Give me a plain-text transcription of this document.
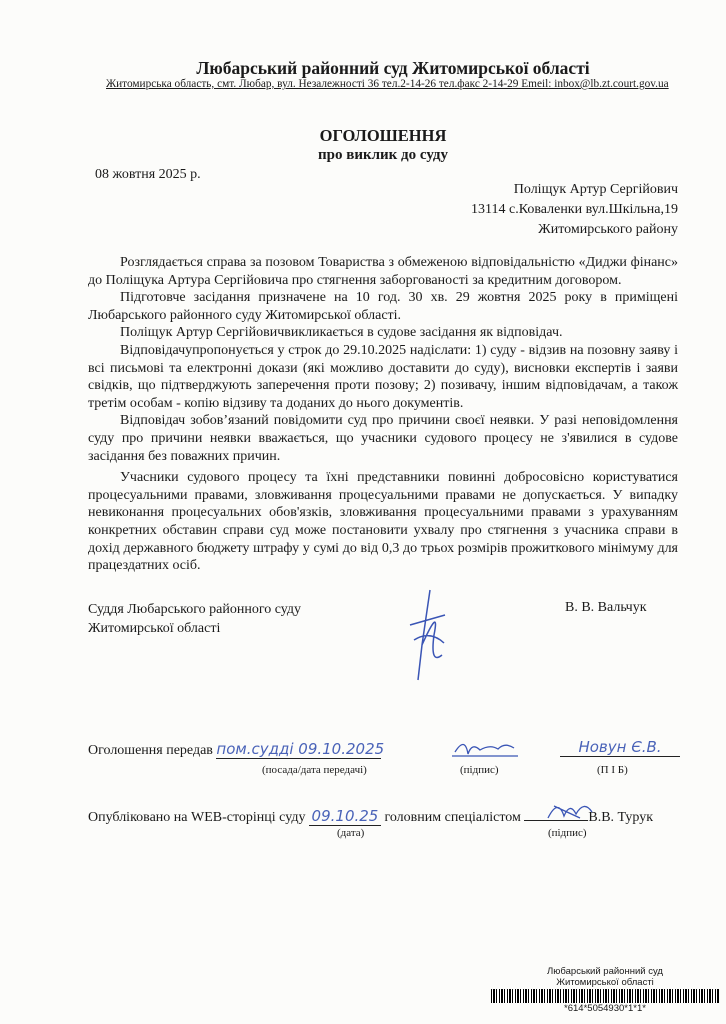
Любарський районний суд Житомирської області
Житомирська область, смт. Любар, вул. Незалежності 36 тел.2-14-26 тел.факс 2-14-29 Emeil: inbox@lb.zt.court.gov.ua
ОГОЛОШЕННЯ
про виклик до суду
08 жовтня 2025 р.
Поліщук Артур Сергійович
13114 с.Коваленки вул.Шкільна,19
Житомирського району

Розглядається справа за позовом Товариства з обмеженою відповідальністю «Диджи фінанс» до Поліщука Артура Сергійовича про стягнення заборгованості за кредитним договором.

Підготовче засідання призначене на 10 год. 30 хв. 29 жовтня 2025 року в приміщені Любарського районного суду Житомирської області.

Поліщук Артур Сергійовичвикликається в судове засідання як відповідач.

Відповідачупропонується у строк до 29.10.2025 надіслати: 1) суду - відзив на позовну заяву і всі письмові та електронні докази (які можливо доставити до суду), висновки експертів і заяви свідків, що підтверджують заперечення проти позову; 2) позивачу, іншим відповідачам, а також третім особам - копію відзиву та доданих до нього документів.

Відповідач зобов’язаний повідомити суд про причини своєї неявки. У разі неповідомлення суду про причини неявки вважається, що учасники судового процесу не з'явилися в судове засідання без поважних причин.

Учасники судового процесу та їхні представники повинні добросовісно користуватися процесуальними правами, зловживання процесуальними правами не допускається. У випадку невиконання процесуальних обов'язків, зловживання процесуальними правами з урахуванням конкретних обставин справи суд може постановити ухвалу про стягнення з учасника справи в дохід державного бюджету штрафу у сумі до від 0,3 до трьох розмірів прожиткового мінімуму для працездатних осіб.

Суддя Любарського районного суду
Житомирської області
В. В. Вальчук
Оголошення передав пом.судді 09.10.2025
(посада/дата передачі)	(підпис)
Новун Є.В.
(П І Б)
Опубліковано на WEB-сторінці суду 09.10.25 головним спеціалістом	В.В. Турук
(дата)	(підпис)
Любарський районний суд
Житомирської області
*614*5054930*1*1*
